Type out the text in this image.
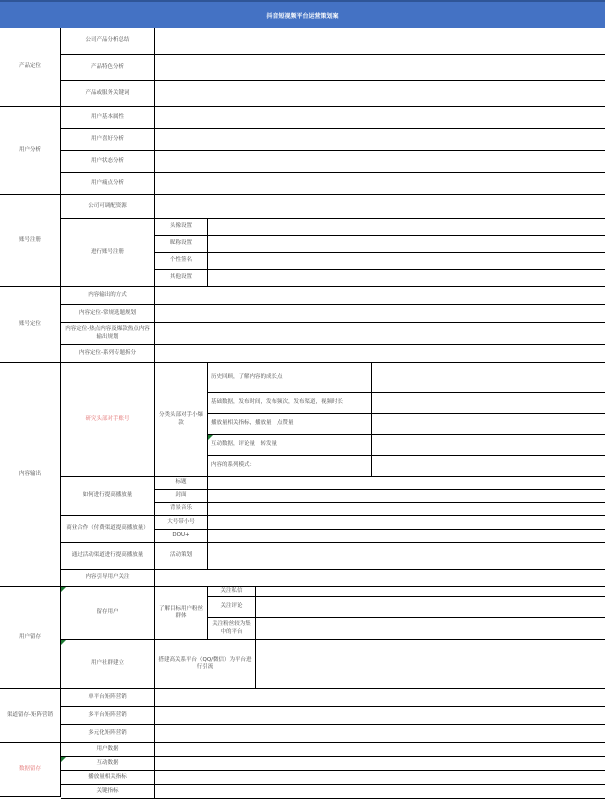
抖音短视频平台运营策划案
产品定位
公司产品分析总结
产品特色分析
产品或服务关键词
用户分析
用户基本属性
用户喜好分析
用户状态分析
用户痛点分析
账号注册
公司可调配资源
进行账号注册
头像设置
昵称设置
个性签名
其他设置
账号定位
内容输出的方式
内容定位-常规选题规划
内容定位-热点内容及爆款热点内容输出规划
内容定位-系列专题拆分
内容输出
研究头部对手账号
分类头部对手小爆款
历史回顾，了解内容的成长点
基础数据，发布时间，发布频次，发布渠道，视频时长
播放量相关指标，播放量　点赞量
互动数据，评论量　转发量
内容的系列模式：
如何进行提高播放量
标题
封面
背景音乐
商业合作（付费渠道提高播放量）
大号带小号
DOU+
通过活动渠道进行提高播放量	活动策划
内容引导用户关注
用户留存
留存用户
了解目标用户粉丝群体
关注私信
关注评论
关注粉丝较为集中的平台
用户社群建立
搭建高关系平台（QQ/微信）为平台进行引流
渠道留存-矩阵营销
单平台矩阵营销
多平台矩阵营销
多元化矩阵营销
数据留存
用户数据
互动数据
播放量相关指标
关键指标
